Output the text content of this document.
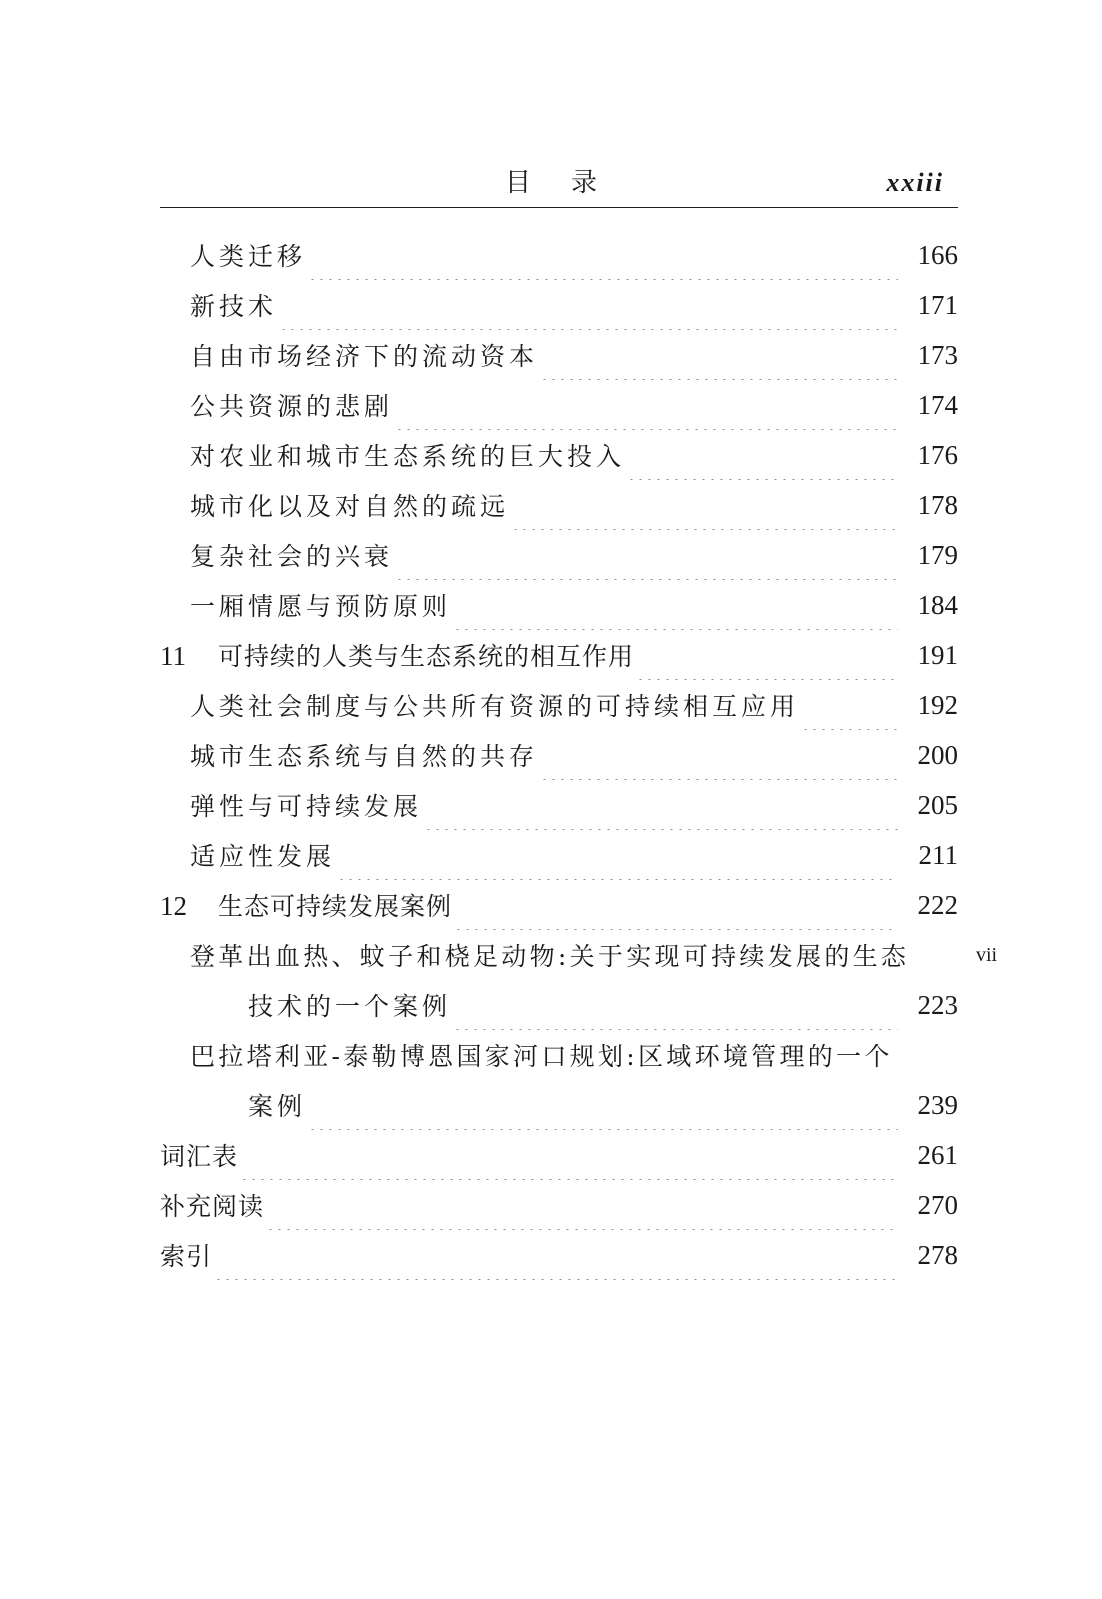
目录	xxiii
人类迁移	166
新技术	171
自由市场经济下的流动资本	173
公共资源的悲剧	174
对农业和城市生态系统的巨大投入	176
城市化以及对自然的疏远	178
复杂社会的兴衰	179
一厢情愿与预防原则	184
11 可持续的人类与生态系统的相互作用	191
人类社会制度与公共所有资源的可持续相互应用	192
城市生态系统与自然的共存	200
弹性与可持续发展	205
适应性发展	211
12 生态可持续发展案例	222
登革出血热、蚊子和桡足动物:关于实现可持续发展的生态
技术的一个案例	223
巴拉塔利亚-泰勒博恩国家河口规划:区域环境管理的一个
案例	239
词汇表	261
补充阅读	270
索引	278
vii
